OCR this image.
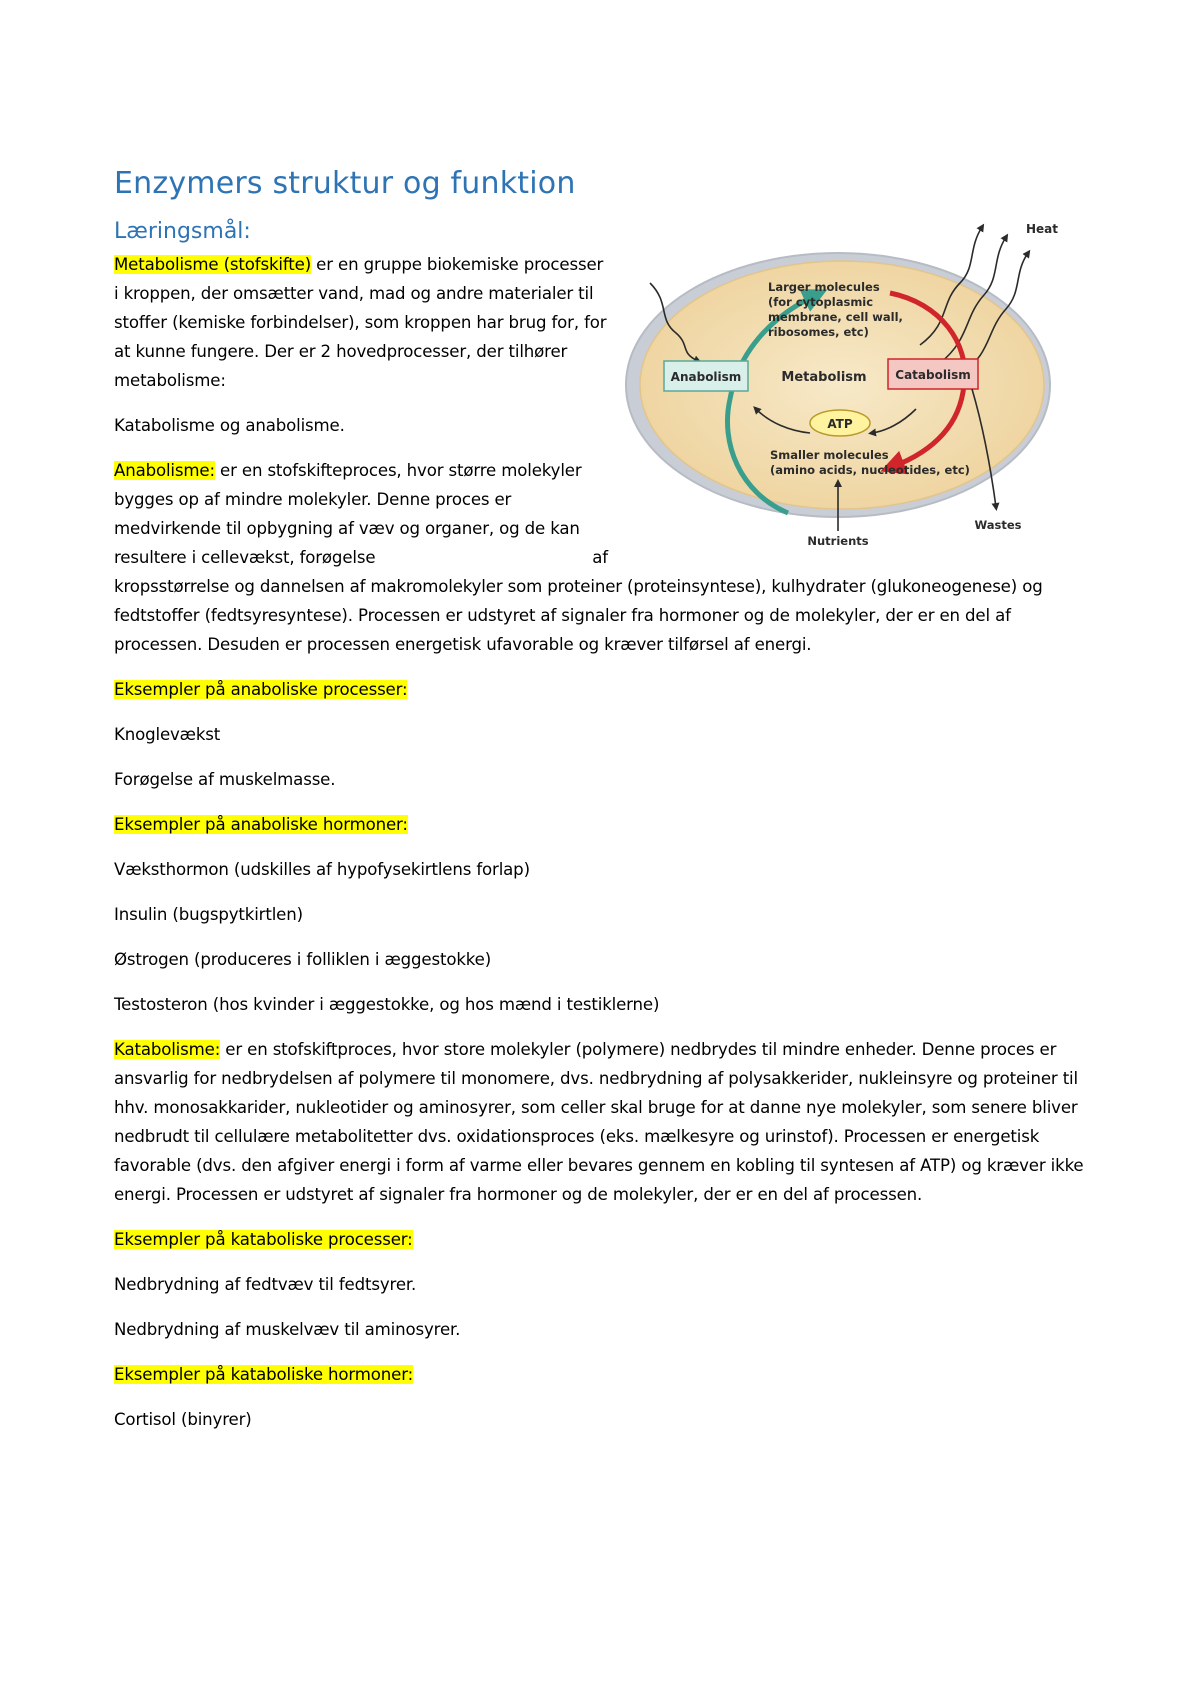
Enzymers struktur og funktion
Heat
Larger molecules
(for cytoplasmic
membrane, cell wall,
ribosomes, etc)
Anabolism	Metabolism Catabolism
ATP
Smaller molecules
(amino acids, nucleotides, etc)
Nutrients
Wastes
Læringsmål:

Metabolisme (stofskifte) er en gruppe biokemiske processer i kroppen, der omsætter vand, mad og andre materialer til stoffer (kemiske forbindelser), som kroppen har brug for, for at kunne fungere. Der er 2 hovedprocesser, der tilhører metabolisme:

Katabolisme og anabolisme.

Anabolisme: er en stofskifteproces, hvor større molekyler bygges op af mindre molekyler. Denne proces er medvirkende til opbygning af væv og organer, og de kan resultere i cellevækst, forøgelse	af

kropsstørrelse og dannelsen af makromolekyler som proteiner (proteinsyntese), kulhydrater (glukoneogenese) og fedtstoffer (fedtsyresyntese). Processen er udstyret af signaler fra hormoner og de molekyler, der er en del af processen. Desuden er processen energetisk ufavorable og kræver tilførsel af energi.

Eksempler på anaboliske processer:

Knoglevækst

Forøgelse af muskelmasse.

Eksempler på anaboliske hormoner:

Væksthormon (udskilles af hypofysekirtlens forlap)

Insulin (bugspytkirtlen)

Østrogen (produceres i folliklen i æggestokke)

Testosteron (hos kvinder i æggestokke, og hos mænd i testiklerne)

Katabolisme: er en stofskiftproces, hvor store molekyler (polymere) nedbrydes til mindre enheder. Denne proces er ansvarlig for nedbrydelsen af polymere til monomere, dvs. nedbrydning af polysakkerider, nukleinsyre og proteiner til hhv. monosakkarider, nukleotider og aminosyrer, som celler skal bruge for at danne nye molekyler, som senere bliver nedbrudt til cellulære metabolitetter dvs. oxidationsproces (eks. mælkesyre og urinstof). Processen er energetisk favorable (dvs. den afgiver energi i form af varme eller bevares gennem en kobling til syntesen af ATP) og kræver ikke energi. Processen er udstyret af signaler fra hormoner og de molekyler, der er en del af processen.

Eksempler på kataboliske processer:

Nedbrydning af fedtvæv til fedtsyrer.

Nedbrydning af muskelvæv til aminosyrer.

Eksempler på kataboliske hormoner:

Cortisol (binyrer)
